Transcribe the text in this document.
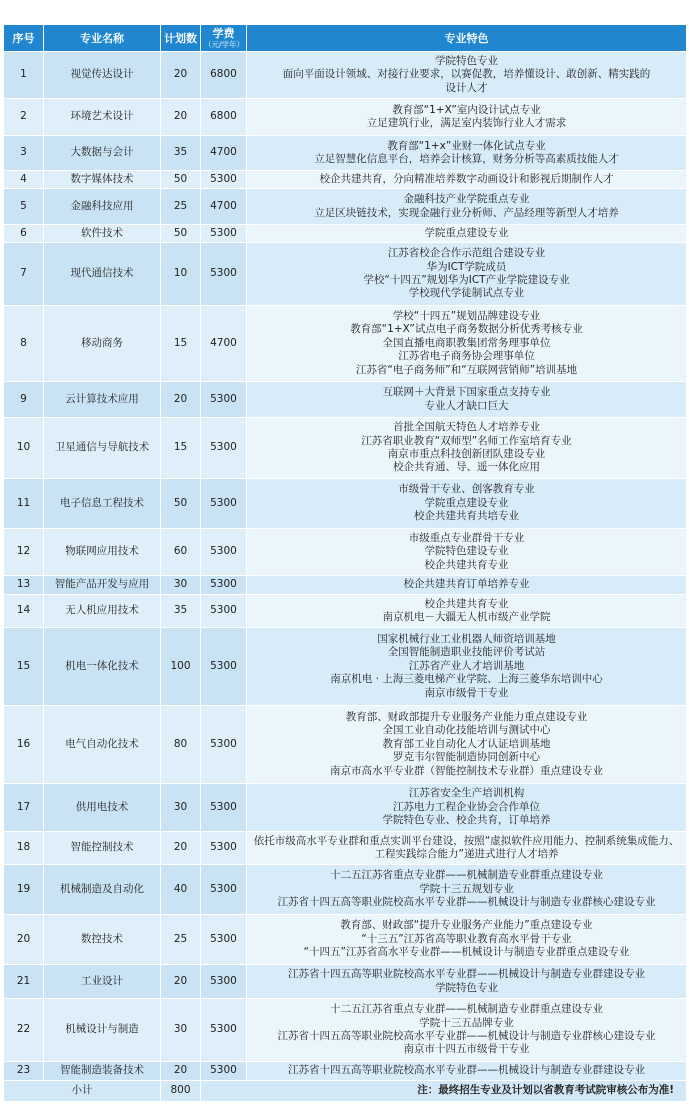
序号	专业名称	计划数	学费
（元/学年）	专业特色
1	视觉传达设计	20	6800	学院特色专业
面向平面设计领域、对接行业要求，以赛促教，培养懂设计、敢创新、精实践的
设计人才

2	环境艺术设计	20	6800	教育部“1+X”室内设计试点专业
立足建筑行业，满足室内装饰行业人才需求

3	大数据与会计	35	4700	教育部“1+x”业财一体化试点专业
立足智慧化信息平台，培养会计核算，财务分析等高素质技能人才

4	数字媒体技术	50	5300	校企共建共育，分向精准培养数字动画设计和影视后期制作人才

5	金融科技应用	25	4700	金融科技产业学院重点专业
立足区块链技术，实现金融行业分析师、产品经理等新型人才培养

6	软件技术	50	5300	学院重点建设专业

7	现代通信技术	10	5300	江苏省校企合作示范组合建设专业
华为ICT学院成员
学校“十四五”规划华为ICT产业学院建设专业
学校现代学徒制试点专业

8	移动商务	15	4700	学校“十四五”规划品牌建设专业
教育部“1+X”试点电子商务数据分析优秀考核专业
全国直播电商职教集团常务理事单位
江苏省电子商务协会理事单位
江苏省“电子商务师”和“互联网营销师”培训基地

9	云计算技术应用	20	5300	互联网＋大背景下国家重点支持专业
专业人才缺口巨大

10	卫星通信与导航技术	15	5300	首批全国航天特色人才培养专业
江苏省职业教育“双师型”名师工作室培育专业
南京市重点科技创新团队建设专业
校企共育通、导、遥一体化应用

11	电子信息工程技术	50	5300	市级骨干专业、创客教育专业
学院重点建设专业
校企共建共育共培专业

12	物联网应用技术	60	5300	市级重点专业群骨干专业
学院特色建设专业
校企共建共育专业

13	智能产品开发与应用	30	5300	校企共建共育订单培养专业

14	无人机应用技术	35	5300	校企共建共育专业
南京机电－大疆无人机市级产业学院

15	机电一体化技术	100	5300	国家机械行业工业机器人师资培训基地
全国智能制造职业技能评价考试站
江苏省产业人才培训基地
南京机电 · 上海三菱电梯产业学院、上海三菱华东培训中心
南京市级骨干专业

16	电气自动化技术	80	5300	教育部、财政部提升专业服务产业能力重点建设专业
全国工业自动化技能培训与测试中心
教育部工业自动化人才认证培训基地
罗克韦尔智能制造协同创新中心
南京市高水平专业群（智能控制技术专业群）重点建设专业

17	供用电技术	30	5300	江苏省安全生产培训机构
江苏电力工程企业协会合作单位
学院特色专业、校企共育，订单培养

18	智能控制技术	20	5300	依托市级高水平专业群和重点实训平台建设，按照“虚拟软件应用能力、控制系统集成能力、工程实践综合能力”递进式进行人才培养

19	机械制造及自动化	40	5300	十二五江苏省重点专业群——机械制造专业群重点建设专业
学院十三五规划专业
江苏省十四五高等职业院校高水平专业群——机械设计与制造专业群核心建设专业

20	数控技术	25	5300	教育部、财政部“提升专业服务产业能力”重点建设专业
“十三五”江苏省高等职业教育高水平骨干专业
“十四五”江苏省高水平专业群——机械设计与制造专业群重点建设专业

21	工业设计	20	5300	江苏省十四五高等职业院校高水平专业群——机械设计与制造专业群建设专业
学院特色专业

22	机械设计与制造	30	5300	十二五江苏省重点专业群——机械制造专业群重点建设专业
学院十三五品牌专业
江苏省十四五高等职业院校高水平专业群——机械设计与制造专业群核心建设专业
南京市十四五市级骨干专业

23	智能制造装备技术	20	5300	江苏省十四五高等职业院校高水平专业群——机械设计与制造专业群建设专业

小计		800	注：最终招生专业及计划以省教育考试院审核公布为准!	
